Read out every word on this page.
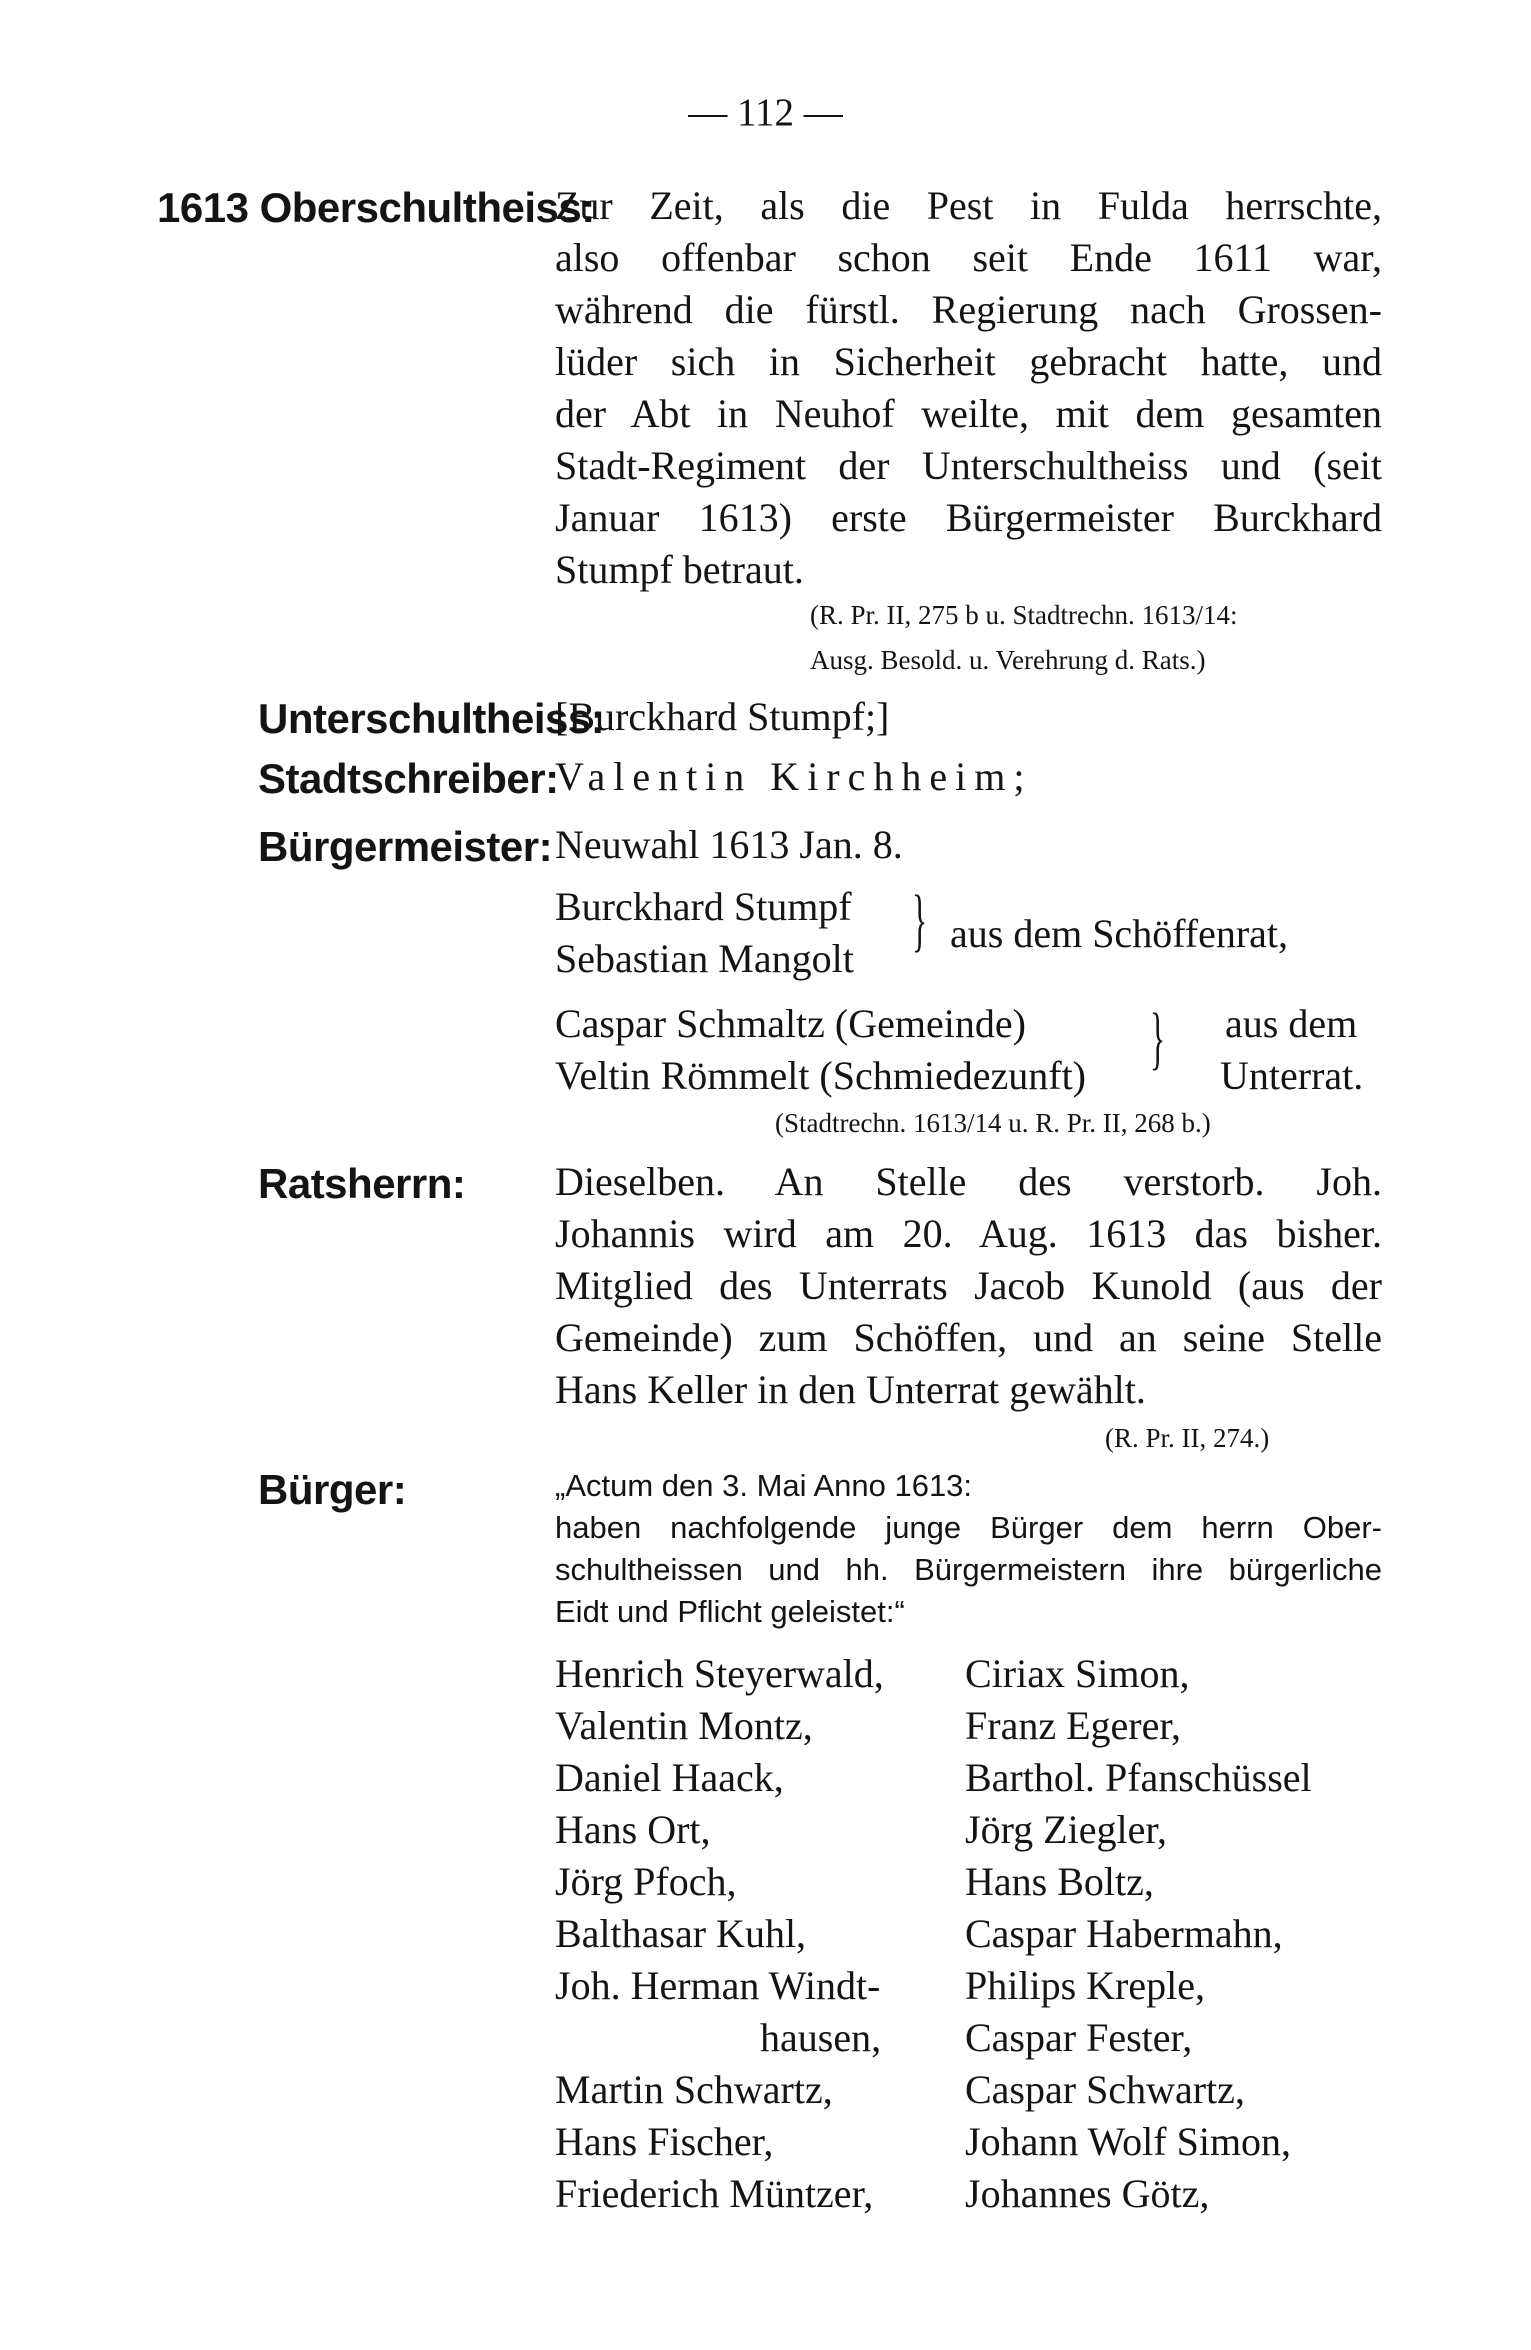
— 112 —
1613 Oberschultheiss:
Zur Zeit, als die Pest in Fulda herrschte,
also offenbar schon seit Ende 1611 war,
während die fürstl. Regierung nach Grossen-
lüder sich in Sicherheit gebracht hatte, und
der Abt in Neuhof weilte, mit dem gesamten
Stadt-Regiment der Unterschultheiss und (seit
Januar 1613) erste Bürgermeister Burckhard
Stumpf betraut.
(R. Pr. II, 275 b u. Stadtrechn. 1613/14:
Ausg. Besold. u. Verehrung d. Rats.)
Unterschultheiss:
[Burckhard Stumpf;]
Stadtschreiber:
Valentin Kirchheim;
Bürgermeister: Neuwahl 1613 Jan. 8.
Burckhard Stumpf
Sebastian Mangolt } aus dem Schöffenrat,
Caspar Schmaltz (Gemeinde)
Veltin Römmelt (Schmiedezunft) } aus dem
Unterrat.
(Stadtrechn. 1613/14 u. R. Pr. II, 268 b.)
Ratsherrn: Dieselben. An Stelle des verstorb. Joh.
Johannis wird am 20. Aug. 1613 das bisher.
Mitglied des Unterrats Jacob Kunold (aus der
Gemeinde) zum Schöffen, und an seine Stelle
Hans Keller in den Unterrat gewählt.
(R. Pr. II, 274.)
Bürger:	„Actum den 3. Mai Anno 1613:
haben nachfolgende junge Bürger dem herrn Ober-
schultheissen und hh. Bürgermeistern ihre bürgerliche
Eidt und Pflicht geleistet:“
Henrich Steyerwald,
Valentin Montz,
Daniel Haack,
Hans Ort,
Jörg Pfoch,
Balthasar Kuhl,
Joh. Herman Windt-
hausen,
Martin Schwartz,
Hans Fischer,
Friederich Müntzer,
Ciriax Simon,
Franz Egerer,
Barthol. Pfanschüssel
Jörg Ziegler,
Hans Boltz,
Caspar Habermahn,
Philips Kreple,
Caspar Fester,
Caspar Schwartz,
Johann Wolf Simon,
Johannes Götz,
